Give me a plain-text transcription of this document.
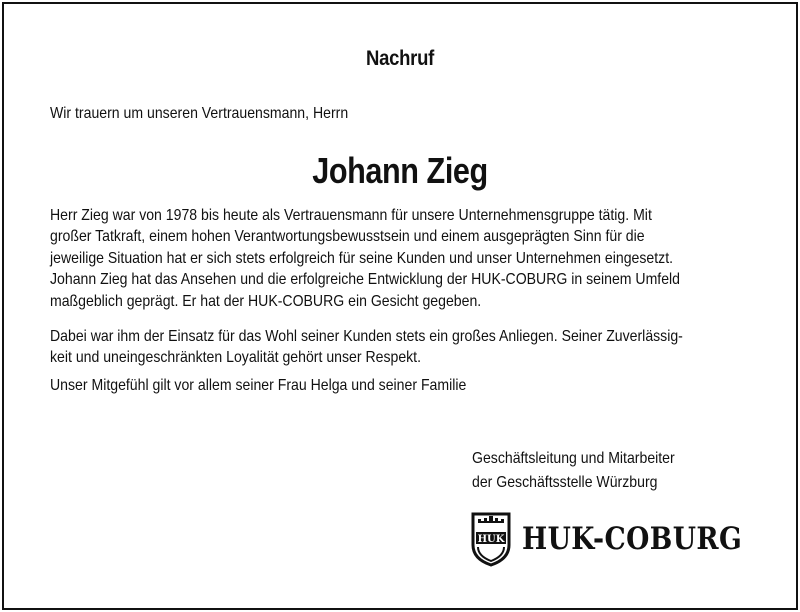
Nachruf
Wir trauern um unseren Vertrauensmann, Herrn
Johann Zieg
Herr Zieg war von 1978 bis heute als Vertrauensmann für unsere Unternehmensgruppe tätig. Mit
großer Tatkraft, einem hohen Verantwortungsbewusstsein und einem ausgeprägten Sinn für die
jeweilige Situation hat er sich stets erfolgreich für seine Kunden und unser Unternehmen eingesetzt.
Johann Zieg hat das Ansehen und die erfolgreiche Entwicklung der HUK-COBURG in seinem Umfeld
maßgeblich geprägt. Er hat der HUK-COBURG ein Gesicht gegeben.
Dabei war ihm der Einsatz für das Wohl seiner Kunden stets ein großes Anliegen. Seiner Zuverlässig-
keit und uneingeschränkten Loyalität gehört unser Respekt.
Unser Mitgefühl gilt vor allem seiner Frau Helga und seiner Familie
Geschäftsleitung und Mitarbeiter
der Geschäftsstelle Würzburg
HUK HUK-COBURG
